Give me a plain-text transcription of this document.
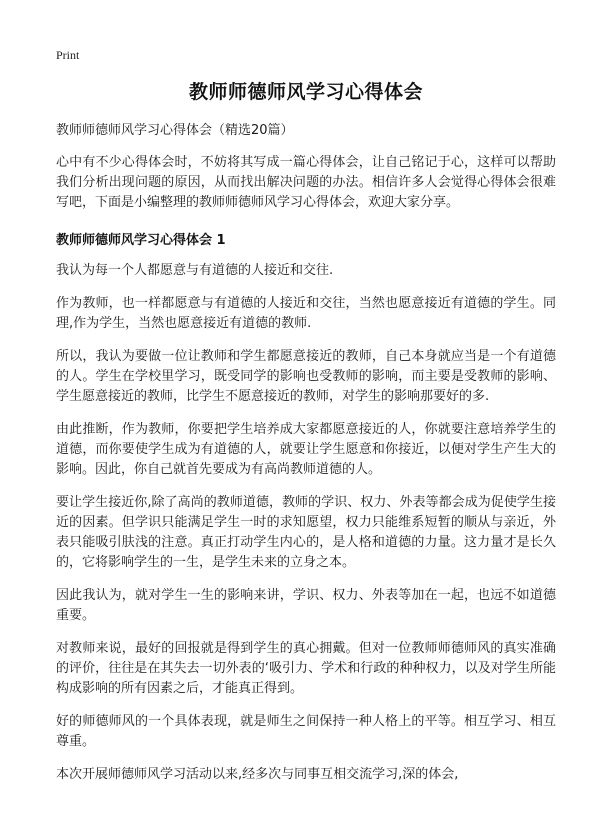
Print
教师师德师风学习心得体会
教师师德师风学习心得体会（精选20篇）

心中有不少心得体会时，不妨将其写成一篇心得体会，让自己铭记于心，这样可以帮助我们分析出现问题的原因，从而找出解决问题的办法。相信许多人会觉得心得体会很难写吧，下面是小编整理的教师师德师风学习心得体会，欢迎大家分享。

教师师德师风学习心得体会 1

我认为每一个人都愿意与有道德的人接近和交往.

作为教师，也一样都愿意与有道德的人接近和交往，当然也愿意接近有道德的学生。同理,作为学生，当然也愿意接近有道德的教师.

所以，我认为要做一位让教师和学生都愿意接近的教师，自己本身就应当是一个有道德的人。学生在学校里学习，既受同学的影响也受教师的影响，而主要是受教师的影响、学生愿意接近的教师，比学生不愿意接近的教师，对学生的影响那要好的多.

由此推断，作为教师，你要把学生培养成大家都愿意接近的人，你就要注意培养学生的道德，而你要使学生成为有道德的人，就要让学生愿意和你接近，以便对学生产生大的影响。因此，你自己就首先要成为有高尚教师道德的人。

要让学生接近你,除了高尚的教师道德，教师的学识、权力、外表等都会成为促使学生接近的因素。但学识只能满足学生一时的求知愿望，权力只能维系短暂的顺从与亲近，外表只能吸引肤浅的注意。真正打动学生内心的，是人格和道德的力量。这力量才是长久的，它将影响学生的一生，是学生未来的立身之本。

因此我认为，就对学生一生的影响来讲，学识、权力、外表等加在一起，也远不如道德重要。

对教师来说，最好的回报就是得到学生的真心拥戴。但对一位教师师德师风的真实准确的评价，往往是在其失去一切外表的‘吸引力、学术和行政的种种权力，以及对学生所能构成影响的所有因素之后，才能真正得到。

好的师德师风的一个具体表现，就是师生之间保持一种人格上的平等。相互学习、相互尊重。

本次开展师德师风学习活动以来,经多次与同事互相交流学习,深的体会,
